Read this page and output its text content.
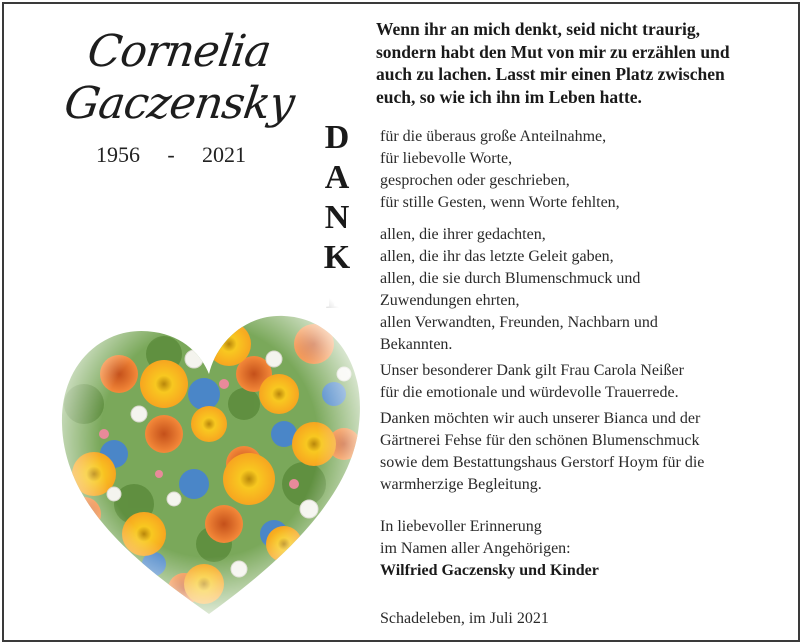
Cornelia
Gaczensky
1956 - 2021 D
A
N
K
Wenn ihr an mich denkt, seid nicht traurig,
sondern habt den Mut von mir zu erzählen und
auch zu lachen. Lasst mir einen Platz zwischen
euch, so wie ich ihn im Leben hatte.

für die überaus große Anteilnahme,

für liebevolle Worte,

gesprochen oder geschrieben,

für stille Gesten, wenn Worte fehlten,

allen, die ihrer gedachten,

allen, die ihr das letzte Geleit gaben,

allen, die sie durch Blumenschmuck und

Zuwendungen ehrten,

allen Verwandten, Freunden, Nachbarn und

Bekannten.

Unser besonderer Dank gilt Frau Carola Neißer

für die emotionale und würdevolle Trauerrede.

Danken möchten wir auch unserer Bianca und der

Gärtnerei Fehse für den schönen Blumenschmuck

sowie dem Bestattungshaus Gerstorf Hoym für die

warmherzige Begleitung.

In liebevoller Erinnerung

im Namen aller Angehörigen:

Wilfried Gaczensky und Kinder

Schadeleben, im Juli 2021
